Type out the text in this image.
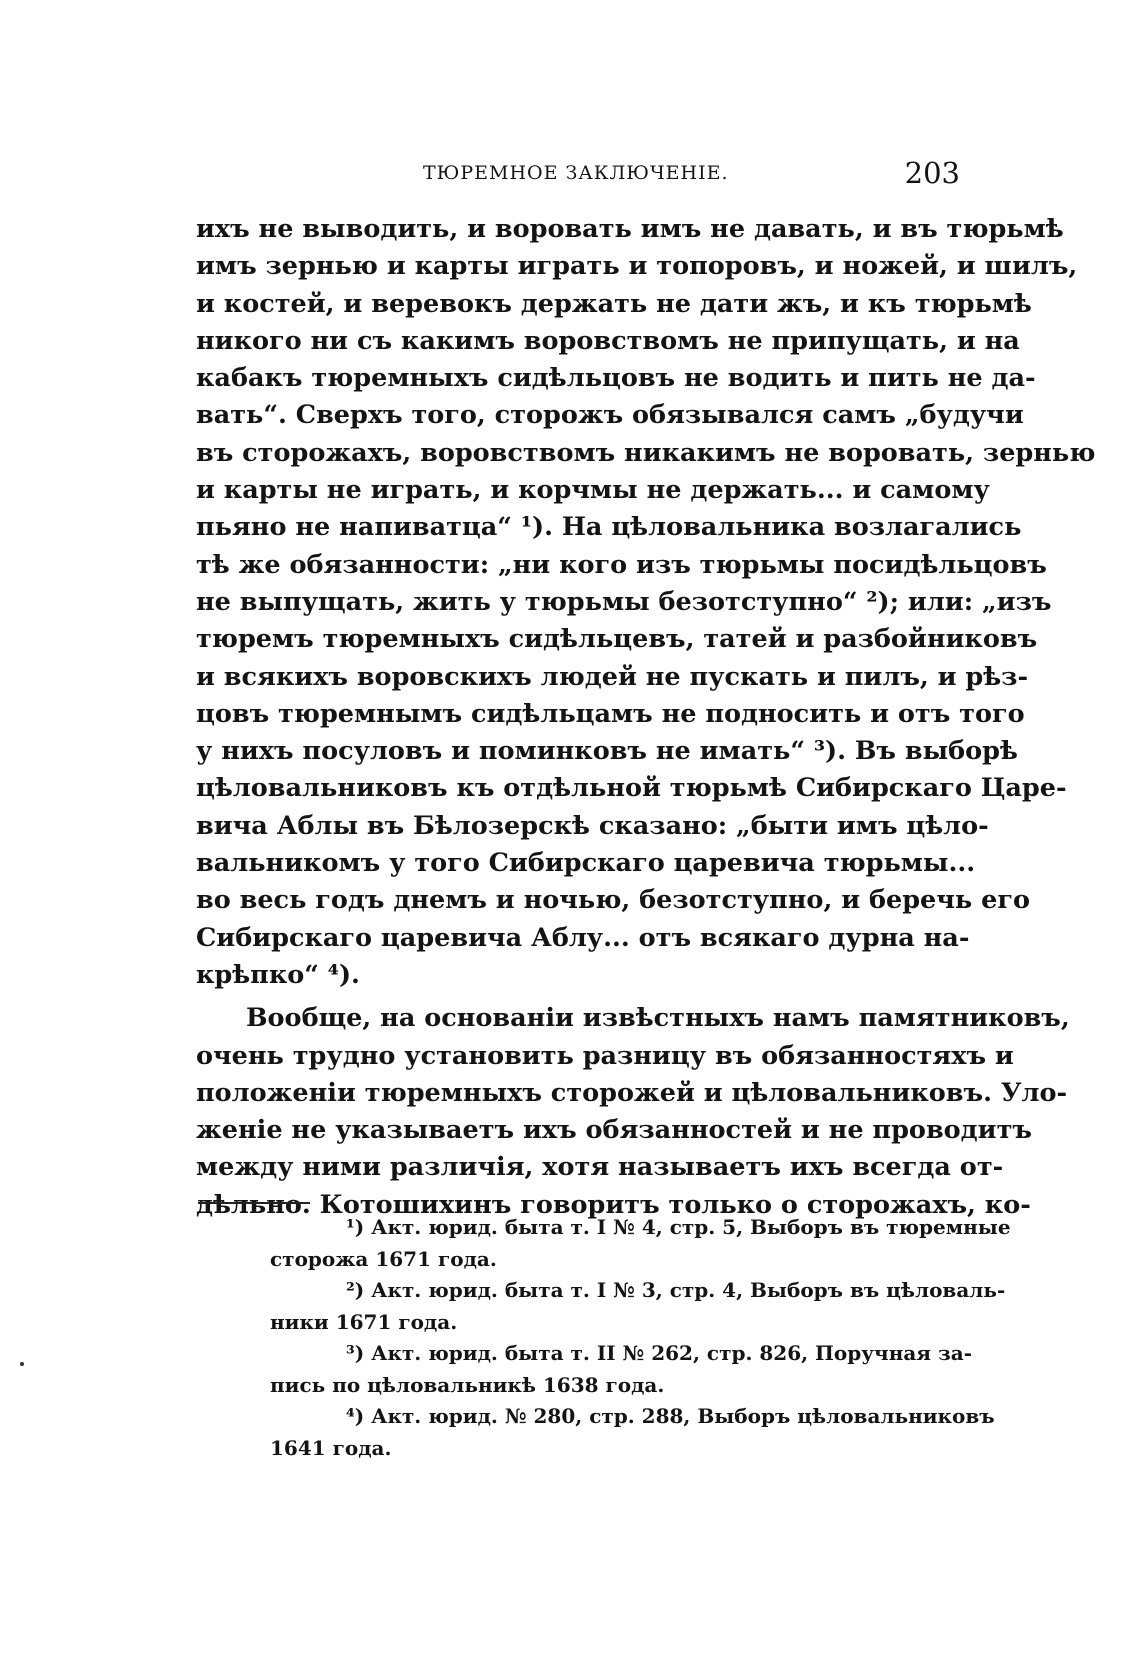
ТЮРЕМНОЕ ЗАКЛЮЧЕНІЕ.	203
ихъ не выводить, и воровать имъ не давать, и въ тюрьмѣ
имъ зернью и карты играть и топоровъ, и ножей, и шилъ,
и костей, и веревокъ держать не дати жъ, и къ тюрьмѣ
никого ни съ какимъ воровствомъ не припущать, и на
кабакъ тюремныхъ сидѣльцовъ не водить и пить не да-
вать“. Сверхъ того, сторожъ обязывался самъ „будучи
въ сторожахъ, воровствомъ никакимъ не воровать, зернью
и карты не играть, и корчмы не держать... и самому
пьяно не напиватца“ ¹). На цѣловальника возлагались
тѣ же обязанности: „ни кого изъ тюрьмы посидѣльцовъ
не выпущать, жить у тюрьмы безотступно“ ²); или: „изъ
тюремъ тюремныхъ сидѣльцевъ, татей и разбойниковъ
и всякихъ воровскихъ людей не пускать и пилъ, и рѣз-
цовъ тюремнымъ сидѣльцамъ не подносить и отъ того
у нихъ посуловъ и поминковъ не имать“ ³). Въ выборѣ
цѣловальниковъ къ отдѣльной тюрьмѣ Сибирскаго Царе-
вича Аблы въ Бѣлозерскѣ сказано: „быти имъ цѣло-
вальникомъ у того Сибирскаго царевича тюрьмы...
во весь годъ днемъ и ночью, безотступно, и беречь его
Сибирскаго царевича Аблу... отъ всякаго дурна на-
крѣпко“ ⁴).
Вообще, на основаніи извѣстныхъ намъ памятниковъ,
очень трудно установить разницу въ обязанностяхъ и
положеніи тюремныхъ сторожей и цѣловальниковъ. Уло-
женіе не указываетъ ихъ обязанностей и не проводитъ
между ними различія, хотя называетъ ихъ всегда от-
дѣльно. Котошихинъ говоритъ только о сторожахъ, ко-
¹) Акт. юрид. быта т. I № 4, стр. 5, Выборъ въ тюремные
сторожа 1671 года.
²) Акт. юрид. быта т. I № 3, стр. 4, Выборъ въ цѣловаль-
ники 1671 года.
³) Акт. юрид. быта т. II № 262, стр. 826, Поручная за-
пись по цѣловальникѣ 1638 года.
⁴) Акт. юрид. № 280, стр. 288, Выборъ цѣловальниковъ
1641 года.
